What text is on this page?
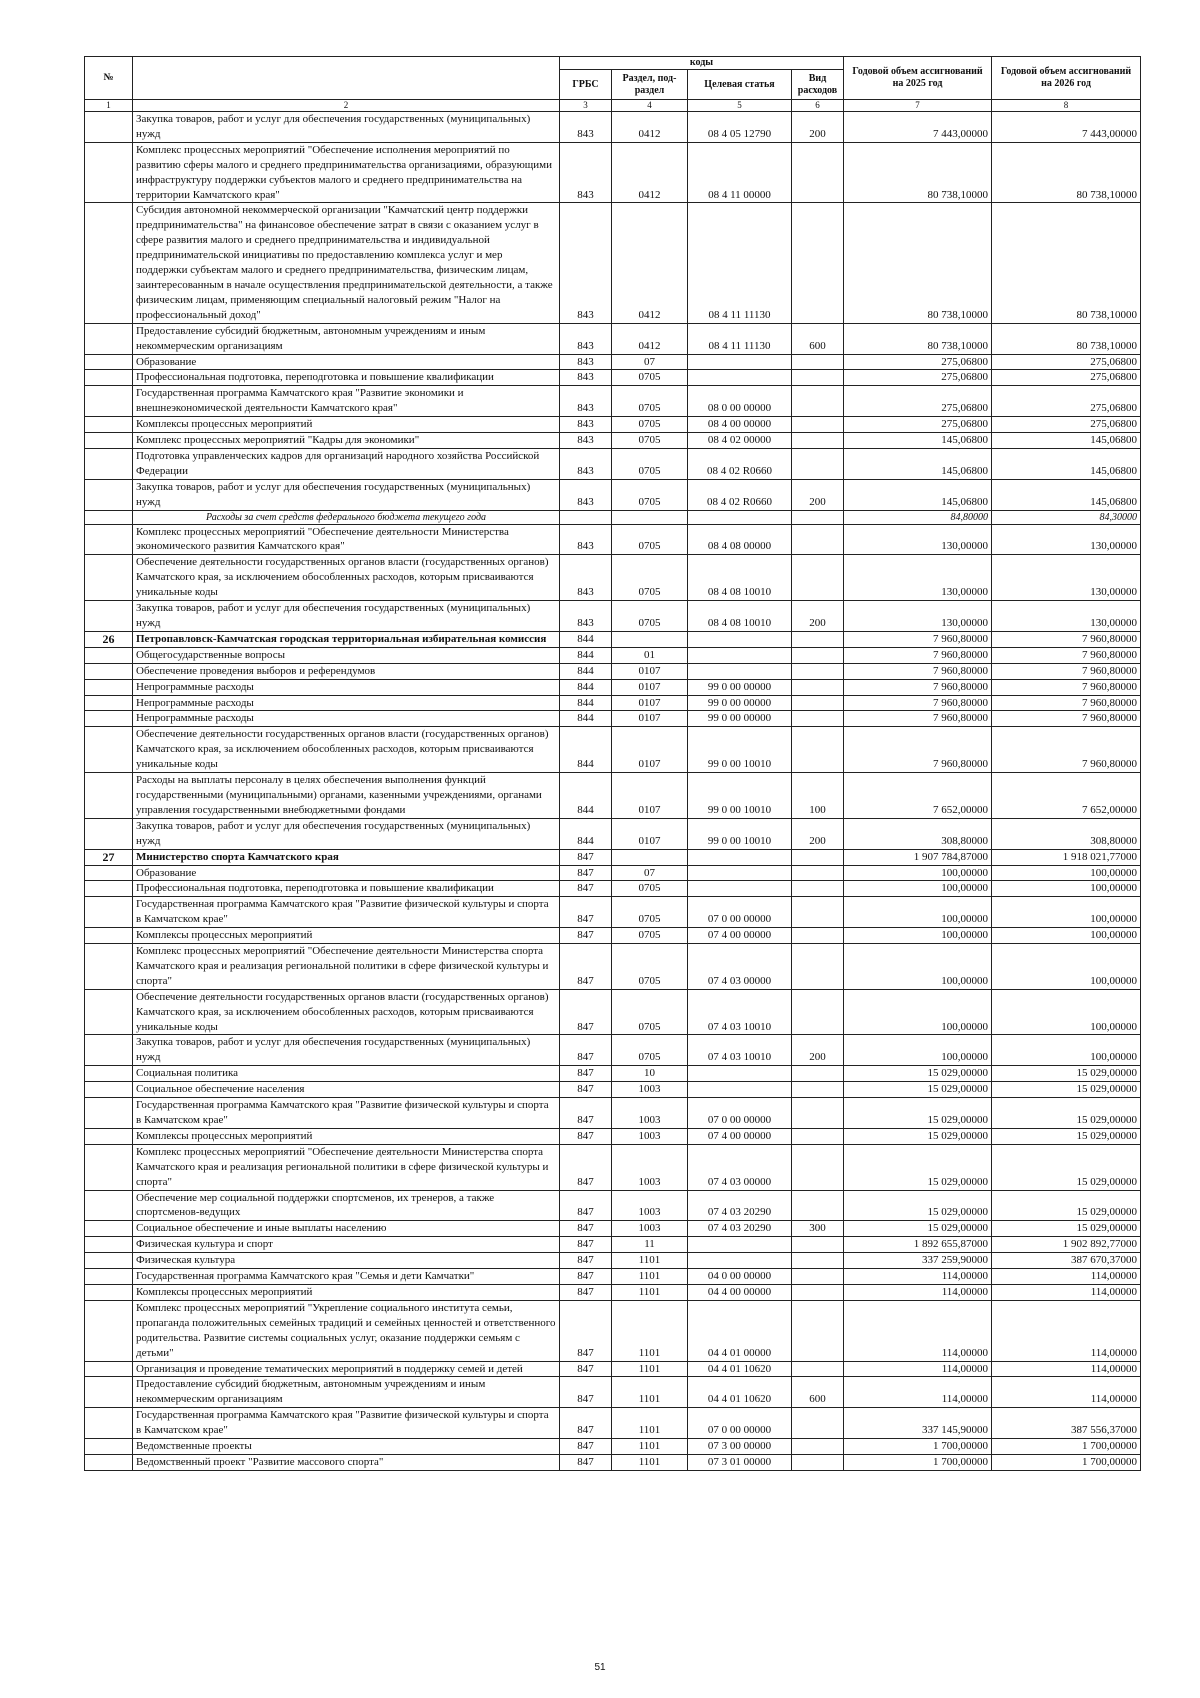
№		коды				Годовой объем ассигнований на 2025 год	Годовой объем ассигнований на 2026 год
		ГРБС	Раздел, под-раздел	Целевая статья	Вид расходов		
1	2	3	4	5	6	7	8
	Закупка товаров, работ и услуг для обеспечения государственных (муниципальных) нужд	843	0412	08 4 05 12790	200	7 443,00000	7 443,00000
	Комплекс процессных мероприятий "Обеспечение исполнения мероприятий по развитию сферы малого и среднего предпринимательства организациями, образующими инфраструктуру поддержки субъектов малого и среднего предпринимательства на территории Камчатского края"	843	0412	08 4 11 00000		80 738,10000	80 738,10000
	Субсидия автономной некоммерческой организации "Камчатский центр поддержки предпринимательства" на финансовое обеспечение затрат в связи с оказанием услуг в сфере развития малого и среднего предпринимательства и индивидуальной предпринимательской инициативы по предоставлению комплекса услуг и мер поддержки субъектам малого и среднего предпринимательства, физическим лицам, заинтересованным в начале осуществления предпринимательской деятельности, а также физическим лицам, применяющим специальный налоговый режим "Налог на профессиональный доход"	843	0412	08 4 11 11130		80 738,10000	80 738,10000
	Предоставление субсидий бюджетным, автономным учреждениям и иным некоммерческим организациям	843	0412	08 4 11 11130	600	80 738,10000	80 738,10000
	Образование	843	07			275,06800	275,06800
	Профессиональная подготовка, переподготовка и повышение квалификации	843	0705			275,06800	275,06800
	Государственная программа Камчатского края "Развитие экономики и внешнеэкономической деятельности Камчатского края"	843	0705	08 0 00 00000		275,06800	275,06800
	Комплексы процессных мероприятий	843	0705	08 4 00 00000		275,06800	275,06800
	Комплекс процессных мероприятий "Кадры для экономики"	843	0705	08 4 02 00000		145,06800	145,06800
	Подготовка управленческих кадров для организаций народного хозяйства Российской Федерации	843	0705	08 4 02 R0660		145,06800	145,06800
	Закупка товаров, работ и услуг для обеспечения государственных (муниципальных) нужд	843	0705	08 4 02 R0660	200	145,06800	145,06800
	Расходы за счет средств федерального бюджета текущего года					84,80000	84,30000
	Комплекс процессных мероприятий "Обеспечение деятельности Министерства экономического развития Камчатского края"	843	0705	08 4 08 00000		130,00000	130,00000
	Обеспечение деятельности государственных органов власти (государственных органов) Камчатского края, за исключением обособленных расходов, которым присваиваются уникальные коды	843	0705	08 4 08 10010		130,00000	130,00000
	Закупка товаров, работ и услуг для обеспечения государственных (муниципальных) нужд	843	0705	08 4 08 10010	200	130,00000	130,00000
26	Петропавловск-Камчатская городская территориальная избирательная комиссия	844				7 960,80000	7 960,80000
	Общегосударственные вопросы	844	01			7 960,80000	7 960,80000
	Обеспечение проведения выборов и референдумов	844	0107			7 960,80000	7 960,80000
	Непрограммные расходы	844	0107	99 0 00 00000		7 960,80000	7 960,80000
	Непрограммные расходы	844	0107	99 0 00 00000		7 960,80000	7 960,80000
	Непрограммные расходы	844	0107	99 0 00 00000		7 960,80000	7 960,80000
	Обеспечение деятельности государственных органов власти (государственных органов) Камчатского края, за исключением обособленных расходов, которым присваиваются уникальные коды	844	0107	99 0 00 10010		7 960,80000	7 960,80000
	Расходы на выплаты персоналу в целях обеспечения выполнения функций государственными (муниципальными) органами, казенными учреждениями, органами управления государственными внебюджетными фондами	844	0107	99 0 00 10010	100	7 652,00000	7 652,00000
	Закупка товаров, работ и услуг для обеспечения государственных (муниципальных) нужд	844	0107	99 0 00 10010	200	308,80000	308,80000
27	Министерство спорта Камчатского края	847				1 907 784,87000	1 918 021,77000
	Образование	847	07			100,00000	100,00000
	Профессиональная подготовка, переподготовка и повышение квалификации	847	0705			100,00000	100,00000
	Государственная программа Камчатского края "Развитие физической культуры и спорта в Камчатском крае"	847	0705	07 0 00 00000		100,00000	100,00000
	Комплексы процессных мероприятий	847	0705	07 4 00 00000		100,00000	100,00000
	Комплекс процессных мероприятий "Обеспечение деятельности Министерства спорта Камчатского края и реализация региональной политики в сфере физической культуры и спорта"	847	0705	07 4 03 00000		100,00000	100,00000
	Обеспечение деятельности государственных органов власти (государственных органов) Камчатского края, за исключением обособленных расходов, которым присваиваются уникальные коды	847	0705	07 4 03 10010		100,00000	100,00000
	Закупка товаров, работ и услуг для обеспечения государственных (муниципальных) нужд	847	0705	07 4 03 10010	200	100,00000	100,00000
	Социальная политика	847	10			15 029,00000	15 029,00000
	Социальное обеспечение населения	847	1003			15 029,00000	15 029,00000
	Государственная программа Камчатского края "Развитие физической культуры и спорта в Камчатском крае"	847	1003	07 0 00 00000		15 029,00000	15 029,00000
	Комплексы процессных мероприятий	847	1003	07 4 00 00000		15 029,00000	15 029,00000
	Комплекс процессных мероприятий "Обеспечение деятельности Министерства спорта Камчатского края и реализация региональной политики в сфере физической культуры и спорта"	847	1003	07 4 03 00000		15 029,00000	15 029,00000
	Обеспечение мер социальной поддержки спортсменов, их тренеров, а также спортсменов-ведущих	847	1003	07 4 03 20290		15 029,00000	15 029,00000
	Социальное обеспечение и иные выплаты населению	847	1003	07 4 03 20290	300	15 029,00000	15 029,00000
	Физическая культура и спорт	847	11			1 892 655,87000	1 902 892,77000
	Физическая культура	847	1101			337 259,90000	387 670,37000
	Государственная программа Камчатского края "Семья и дети Камчатки"	847	1101	04 0 00 00000		114,00000	114,00000
	Комплексы процессных мероприятий	847	1101	04 4 00 00000		114,00000	114,00000
	Комплекс процессных мероприятий "Укрепление социального института семьи, пропаганда положительных семейных традиций и семейных ценностей и ответственного родительства. Развитие системы социальных услуг, оказание поддержки семьям с детьми"	847	1101	04 4 01 00000		114,00000	114,00000
	Организация и проведение тематических мероприятий в поддержку семей и детей	847	1101	04 4 01 10620		114,00000	114,00000
	Предоставление субсидий бюджетным, автономным учреждениям и иным некоммерческим организациям	847	1101	04 4 01 10620	600	114,00000	114,00000
	Государственная программа Камчатского края "Развитие физической культуры и спорта в Камчатском крае"	847	1101	07 0 00 00000		337 145,90000	387 556,37000
	Ведомственные проекты	847	1101	07 3 00 00000		1 700,00000	1 700,00000
	Ведомственный проект "Развитие массового спорта"	847	1101	07 3 01 00000		1 700,00000	1 700,00000
51
